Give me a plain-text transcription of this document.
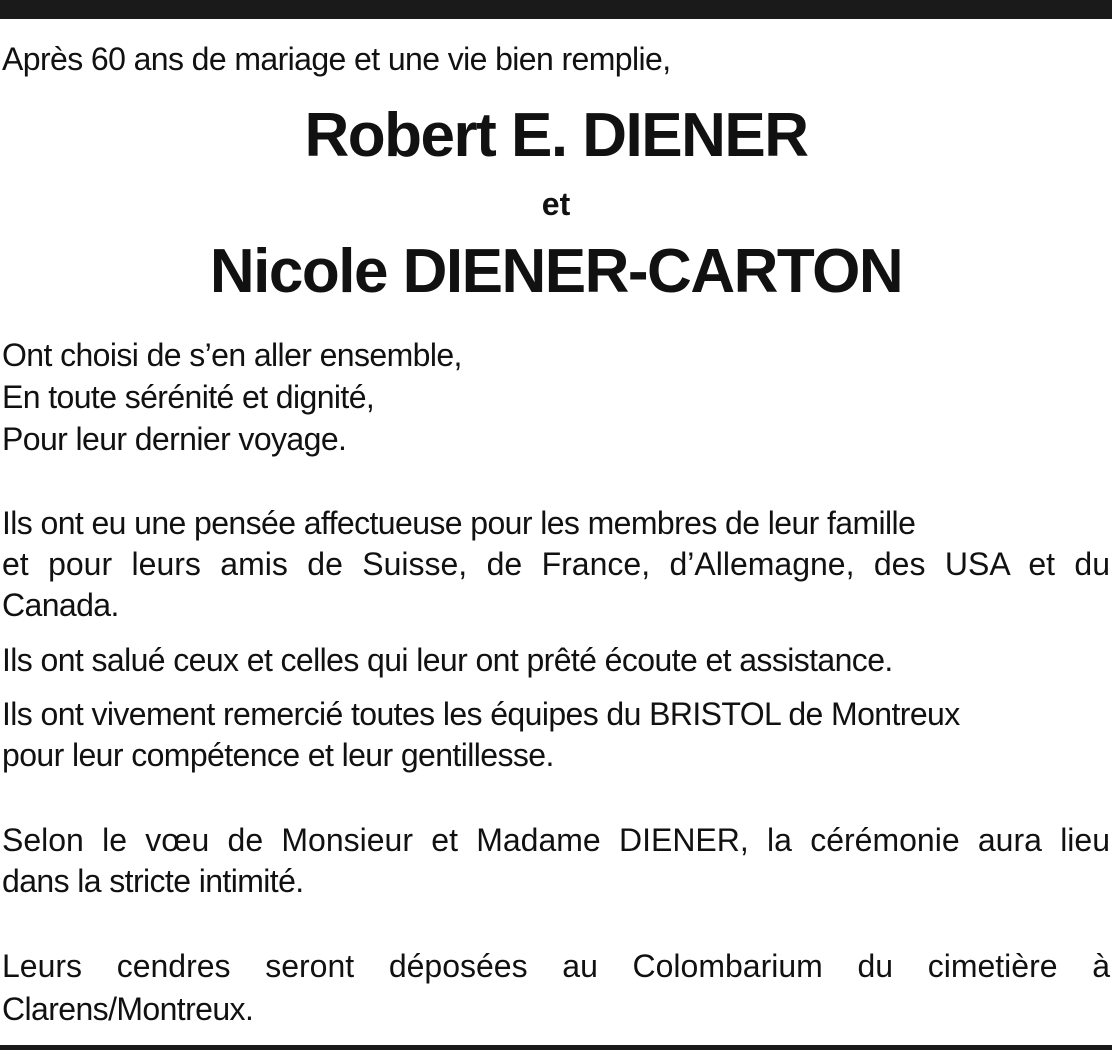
Après 60 ans de mariage et une vie bien remplie,
Robert E. DIENER
et
Nicole DIENER-CARTON
Ont choisi de s’en aller ensemble,
En toute sérénité et dignité,
Pour leur dernier voyage.
Ils ont eu une pensée affectueuse pour les membres de leur famille
et pour leurs amis de Suisse, de France, d’Allemagne, des USA et du
Canada.
Ils ont salué ceux et celles qui leur ont prêté écoute et assistance.
Ils ont vivement remercié toutes les équipes du BRISTOL de Montreux
pour leur compétence et leur gentillesse.
Selon le vœu de Monsieur et Madame DIENER, la cérémonie aura lieu
dans la stricte intimité.
Leurs cendres seront déposées au Colombarium du cimetière à
Clarens/Montreux.
